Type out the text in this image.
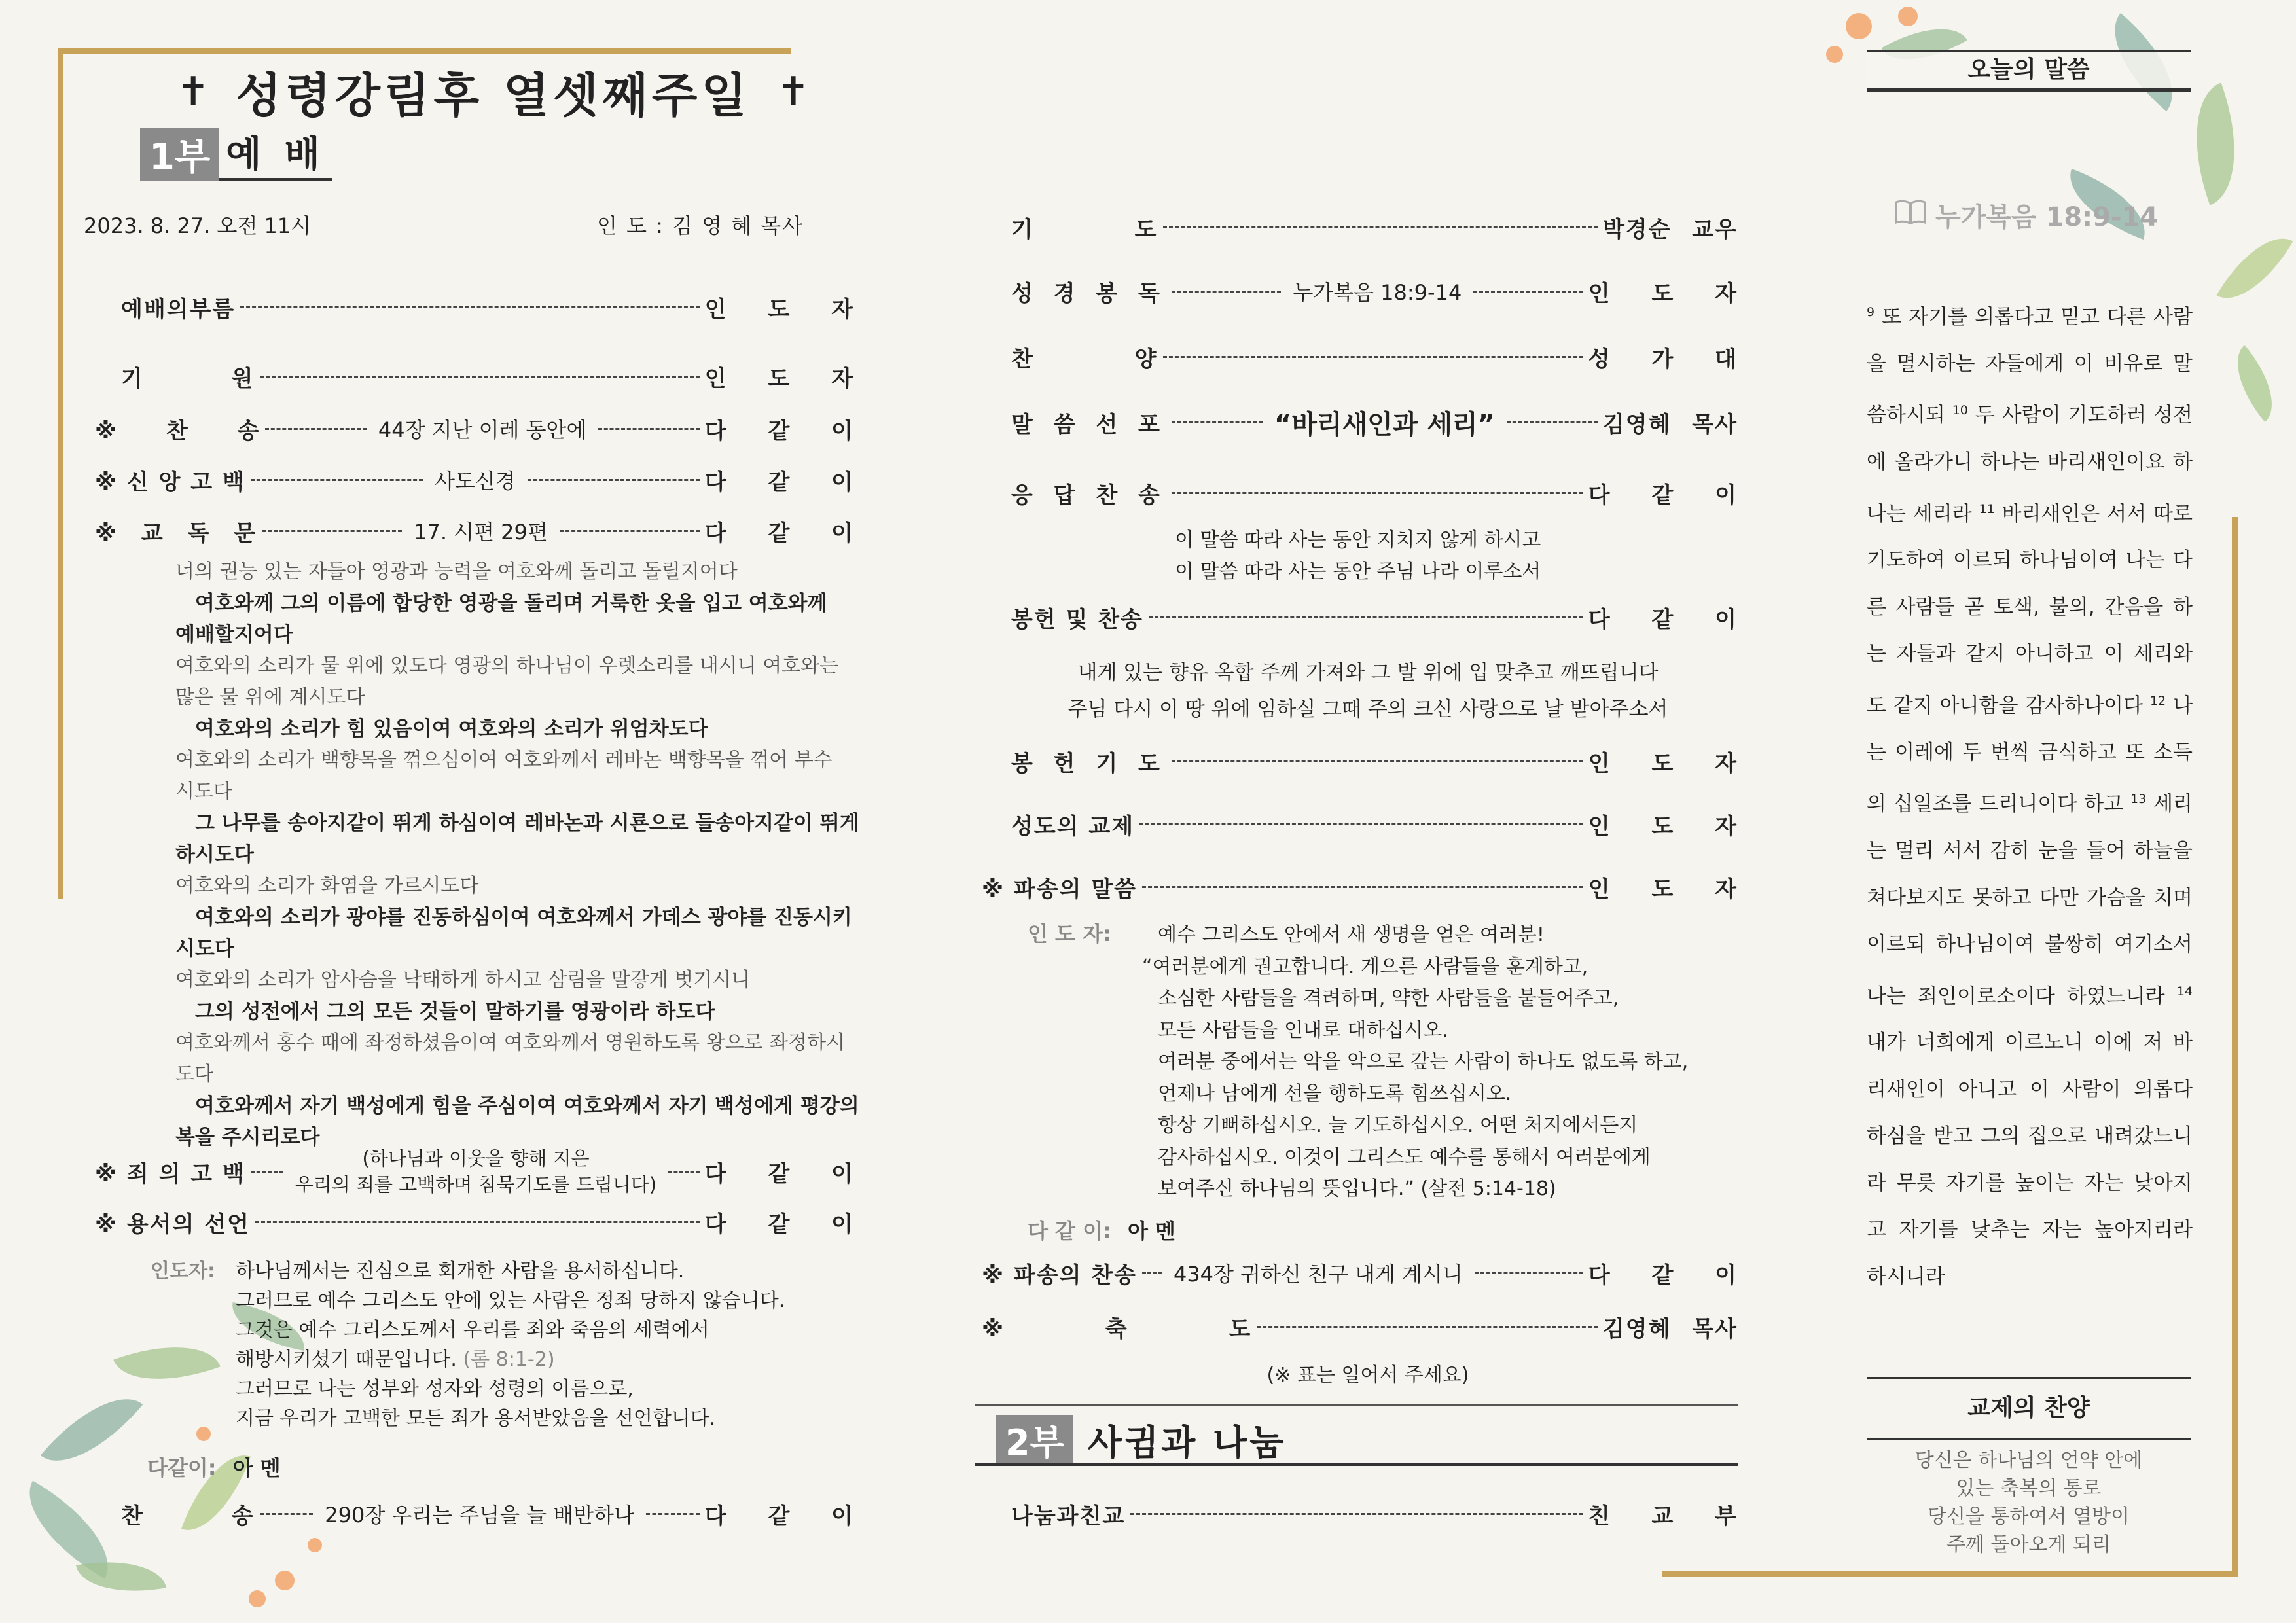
✝ 성령강림후 열셋째주일 ✝
1부 예 배
2023. 8. 27. 오전 11시	인 도 : 김 영 혜 목사
예배의부름	인 도 자
기 원	인 도 자
※ 찬 송	44장 지난 이레 동안에	다 같 이
※ 신 앙 고 백	사도신경	다 같 이
※ 교 독 문	17. 시편 29편	다 같 이
너의 권능 있는 자들아 영광과 능력을 여호와께 돌리고 돌릴지어다
여호와께 그의 이름에 합당한 영광을 돌리며 거룩한 옷을 입고 여호와께
예배할지어다
여호와의 소리가 물 위에 있도다 영광의 하나님이 우렛소리를 내시니 여호와는
많은 물 위에 계시도다
여호와의 소리가 힘 있음이여 여호와의 소리가 위엄차도다
여호와의 소리가 백향목을 꺾으심이여 여호와께서 레바논 백향목을 꺾어 부수
시도다
그 나무를 송아지같이 뛰게 하심이여 레바논과 시룐으로 들송아지같이 뛰게
하시도다
여호와의 소리가 화염을 가르시도다
여호와의 소리가 광야를 진동하심이여 여호와께서 가데스 광야를 진동시키
시도다
여호와의 소리가 암사슴을 낙태하게 하시고 삼림을 말갛게 벗기시니
그의 성전에서 그의 모든 것들이 말하기를 영광이라 하도다
여호와께서 홍수 때에 좌정하셨음이여 여호와께서 영원하도록 왕으로 좌정하시도다
여호와께서 자기 백성에게 힘을 주심이여 여호와께서 자기 백성에게 평강의
복을 주시리로다
※ 죄 의 고 백
(하나님과 이웃을 향해 지은
우리의 죄를 고백하며 침묵기도를 드립니다) 다 같 이
※ 용서의 선언	다 같 이
인도자: 하나님께서는 진심으로 회개한 사람을 용서하십니다.
그러므로 예수 그리스도 안에 있는 사람은 정죄 당하지 않습니다.
그것은 예수 그리스도께서 우리를 죄와 죽음의 세력에서
해방시키셨기 때문입니다. (롬 8:1-2)
그러므로 나는 성부와 성자와 성령의 이름으로,
지금 우리가 고백한 모든 죄가 용서받았음을 선언합니다.
다같이: 아 멘
찬 송	290장 우리는 주님을 늘 배반하나	다 같 이
기 도	박경순 교우
성 경 봉 독	누가복음 18:9-14	인 도 자
찬 양	성 가 대
말 씀 선 포	“바리새인과 세리”	김영혜 목사
응 답 찬 송	다 같 이
이 말씀 따라 사는 동안 지치지 않게 하시고
이 말씀 따라 사는 동안 주님 나라 이루소서
봉헌 및 찬송	다 같 이
내게 있는 향유 옥합 주께 가져와 그 발 위에 입 맞추고 깨뜨립니다
주님 다시 이 땅 위에 임하실 그때 주의 크신 사랑으로 날 받아주소서
봉 헌 기 도	인 도 자
성도의 교제	인 도 자
※ 파송의 말씀	인 도 자
인 도 자: 예수 그리스도 안에서 새 생명을 얻은 여러분!
“여러분에게 권고합니다. 게으른 사람들을 훈계하고,
소심한 사람들을 격려하며, 약한 사람들을 붙들어주고,
모든 사람들을 인내로 대하십시오.
여러분 중에서는 악을 악으로 갚는 사람이 하나도 없도록 하고,
언제나 남에게 선을 행하도록 힘쓰십시오.
항상 기뻐하십시오. 늘 기도하십시오. 어떤 처지에서든지
감사하십시오. 이것이 그리스도 예수를 통해서 여러분에게
보여주신 하나님의 뜻입니다.” (살전 5:14-18)
다 같 이: 아 멘
※ 파송의 찬송	434장 귀하신 친구 내게 계시니	다 같 이
※ 축 도	김영혜 목사
(※ 표는 일어서 주세요)
2부 사귐과 나눔
나눔과친교	친 교 부
오늘의 말씀
누가복음 18:9-14
$^9$ 또 자기를 의롭다고 믿고 다른 사람을 멸시하는 자들에게 이 비유로 말씀하시되 $^{10}$ 두 사람이 기도하러 성전에 올라가니 하나는 바리새인이요 하나는 세리라 $^{11}$ 바리새인은 서서 따로 기도하여 이르되 하나님이여 나는 다른 사람들 곧 토색, 불의, 간음을 하는 자들과 같지 아니하고 이 세리와도 같지 아니함을 감사하나이다 $^{12}$ 나는 이레에 두 번씩 금식하고 또 소득의 십일조를 드리니이다 하고 $^{13}$ 세리는 멀리 서서 감히 눈을 들어 하늘을 쳐다보지도 못하고 다만 가슴을 치며 이르되 하나님이여 불쌍히 여기소서 나는 죄인이로소이다 하였느니라 $^{14}$ 내가 너희에게 이르노니 이에 저 바리새인이 아니고 이 사람이 의롭다 하심을 받고 그의 집으로 내려갔느니라 무릇 자기를 높이는 자는 낮아지고 자기를 낮추는 자는 높아지리라 하시니라
교제의 찬양
당신은 하나님의 언약 안에
있는 축복의 통로
당신을 통하여서 열방이
주께 돌아오게 되리
